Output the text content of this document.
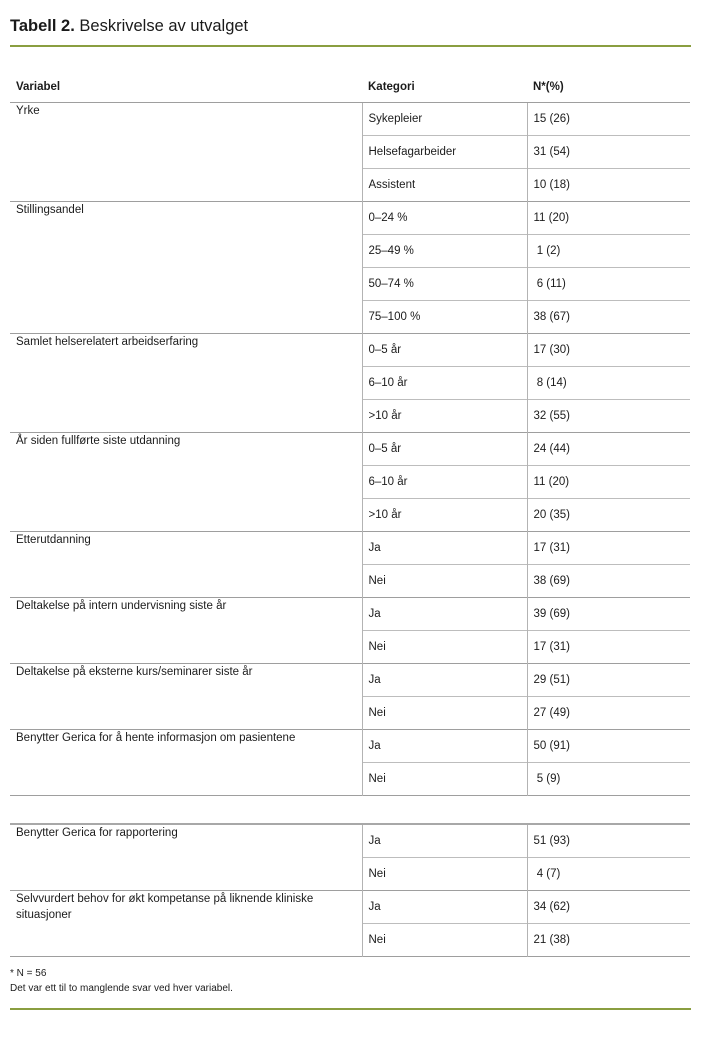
Tabell 2. Beskrivelse av utvalget
Variabel	Kategori	N*(%)
Yrke	Sykepleier	15 (26)
	Helsefagarbeider	31 (54)
	Assistent	10 (18)
Stillingsandel	0–24 %	11 (20)
	25–49 %	1 (2)
	50–74 %	6 (11)
	75–100 %	38 (67)
Samlet helserelatert arbeidserfaring	0–5 år	17 (30)
	6–10 år	8 (14)
	>10 år	32 (55)
År siden fullførte siste utdanning	0–5 år	24 (44)
	6–10 år	11 (20)
	>10 år	20 (35)
Etterutdanning	Ja	17 (31)
	Nei	38 (69)
Deltakelse på intern undervisning siste år	Ja	39 (69)
	Nei	17 (31)
Deltakelse på eksterne kurs/seminarer siste år	Ja	29 (51)
	Nei	27 (49)
Benytter Gerica for å hente informasjon om pasientene	Ja	50 (91)
	Nei	5 (9)
Benytter Gerica for rapportering	Ja	51 (93)
	Nei	4 (7)
Selvvurdert behov for økt kompetanse på liknende kliniske situasjoner	Ja	34 (62)
	Nei	21 (38)
* N = 56
Det var ett til to manglende svar ved hver variabel.
